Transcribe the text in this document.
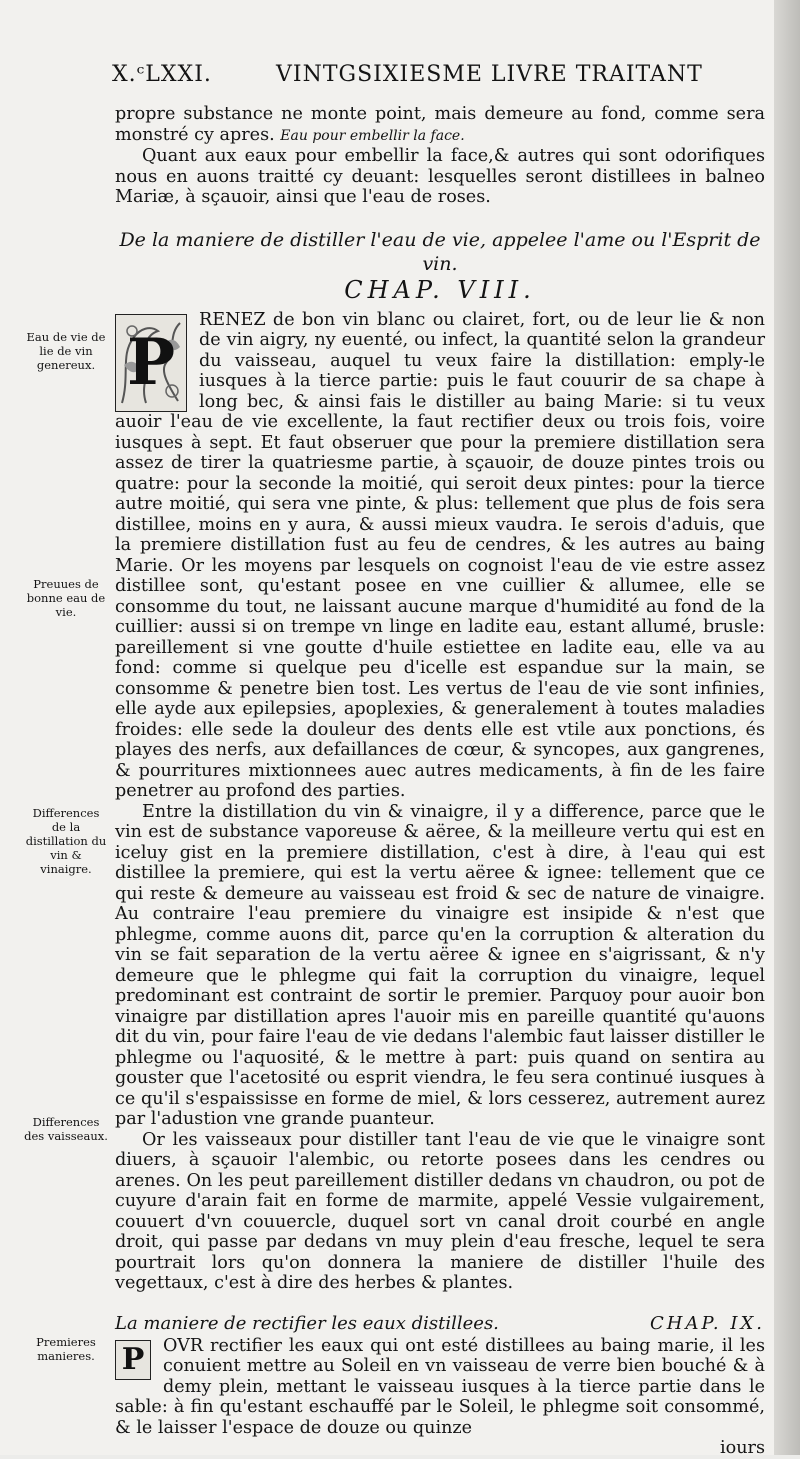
X.ᶜLXXI.	VINTGSIXIESME LIVRE TRAITANT
Eau de vie de lie de vin genereux.
Preuues de bonne eau de vie.
Differences de la distillation du vin & vinaigre.
Differences des vaisseaux.
Premieres manieres.

propre substance ne monte point, mais demeure au fond, comme sera monstré cy apres. Eau pour embellir la face.

Quant aux eaux pour embellir la face,& autres qui sont odorifiques nous en auons traitté cy deuant: lesquelles seront distillees in balneo Mariæ, à sçauoir, ainsi que l'eau de roses.

De la maniere de distiller l'eau de vie, appelee l'ame ou l'Esprit de vin.
CHAP. VIII.

P
RENEZ de bon vin blanc ou clairet, fort, ou de leur lie & non de vin aigry, ny euenté, ou infect, la quantité selon la grandeur du vaisseau, auquel tu veux faire la distillation: emply-le iusques à la tierce partie: puis le faut couurir de sa chape à long bec, & ainsi fais le distiller au baing Marie: si tu veux auoir l'eau de vie excellente, la faut rectifier deux ou trois fois, voire iusques à sept. Et faut obseruer que pour la premiere distillation sera assez de tirer la quatriesme partie, à sçauoir, de douze pintes trois ou quatre: pour la seconde la moitié, qui seroit deux pintes: pour la tierce autre moitié, qui sera vne pinte, & plus: tellement que plus de fois sera distillee, moins en y aura, & aussi mieux vaudra. Ie serois d'aduis, que la premiere distillation fust au feu de cendres, & les autres au baing Marie. Or les moyens par lesquels on cognoist l'eau de vie estre assez distillee sont, qu'estant posee en vne cuillier & allumee, elle se consomme du tout, ne laissant aucune marque d'humidité au fond de la cuillier: aussi si on trempe vn linge en ladite eau, estant allumé, brusle: pareillement si vne goutte d'huile estiettee en ladite eau, elle va au fond: comme si quelque peu d'icelle est espandue sur la main, se consomme & penetre bien tost. Les vertus de l'eau de vie sont infinies, elle ayde aux epilepsies, apoplexies, & generalement à toutes maladies froides: elle sede la douleur des dents elle est vtile aux ponctions, és playes des nerfs, aux defaillances de cœur, & syncopes, aux gangrenes, & pourritures mixtionnees auec autres medicaments, à fin de les faire penetrer au profond des parties.

Entre la distillation du vin & vinaigre, il y a difference, parce que le vin est de substance vaporeuse & aëree, & la meilleure vertu qui est en iceluy gist en la premiere distillation, c'est à dire, à l'eau qui est distillee la premiere, qui est la vertu aëree & ignee: tellement que ce qui reste & demeure au vaisseau est froid & sec de nature de vinaigre. Au contraire l'eau premiere du vinaigre est insipide & n'est que phlegme, comme auons dit, parce qu'en la corruption & alteration du vin se fait separation de la vertu aëree & ignee en s'aigrissant, & n'y demeure que le phlegme qui fait la corruption du vinaigre, lequel predominant est contraint de sortir le premier. Parquoy pour auoir bon vinaigre par distillation apres l'auoir mis en pareille quantité qu'auons dit du vin, pour faire l'eau de vie dedans l'alembic faut laisser distiller le phlegme ou l'aquosité, & le mettre à part: puis quand on sentira au gouster que l'acetosité ou esprit viendra, le feu sera continué iusques à ce qu'il s'espaississe en forme de miel, & lors cesserez, autrement aurez par l'adustion vne grande puanteur.

Or les vaisseaux pour distiller tant l'eau de vie que le vinaigre sont diuers, à sçauoir l'alembic, ou retorte posees dans les cendres ou arenes. On les peut pareillement distiller dedans vn chaudron, ou pot de cuyure d'arain fait en forme de marmite, appelé Vessie vulgairement, couuert d'vn couuercle, duquel sort vn canal droit courbé en angle droit, qui passe par dedans vn muy plein d'eau fresche, lequel te sera pourtrait lors qu'on donnera la maniere de distiller l'huile des vegettaux, c'est à dire des herbes & plantes.

La maniere de rectifier les eaux distillees.	CHAP. IX.

P OVR rectifier les eaux qui ont esté distillees au baing marie, il les conuient mettre au Soleil en vn vaisseau de verre bien bouché & à demy plein, mettant le vaisseau iusques à la tierce partie dans le sable: à fin qu'estant eschauffé par le Soleil, le phlegme soit consommé, & le laisser l'espace de douze ou quinze

iours
